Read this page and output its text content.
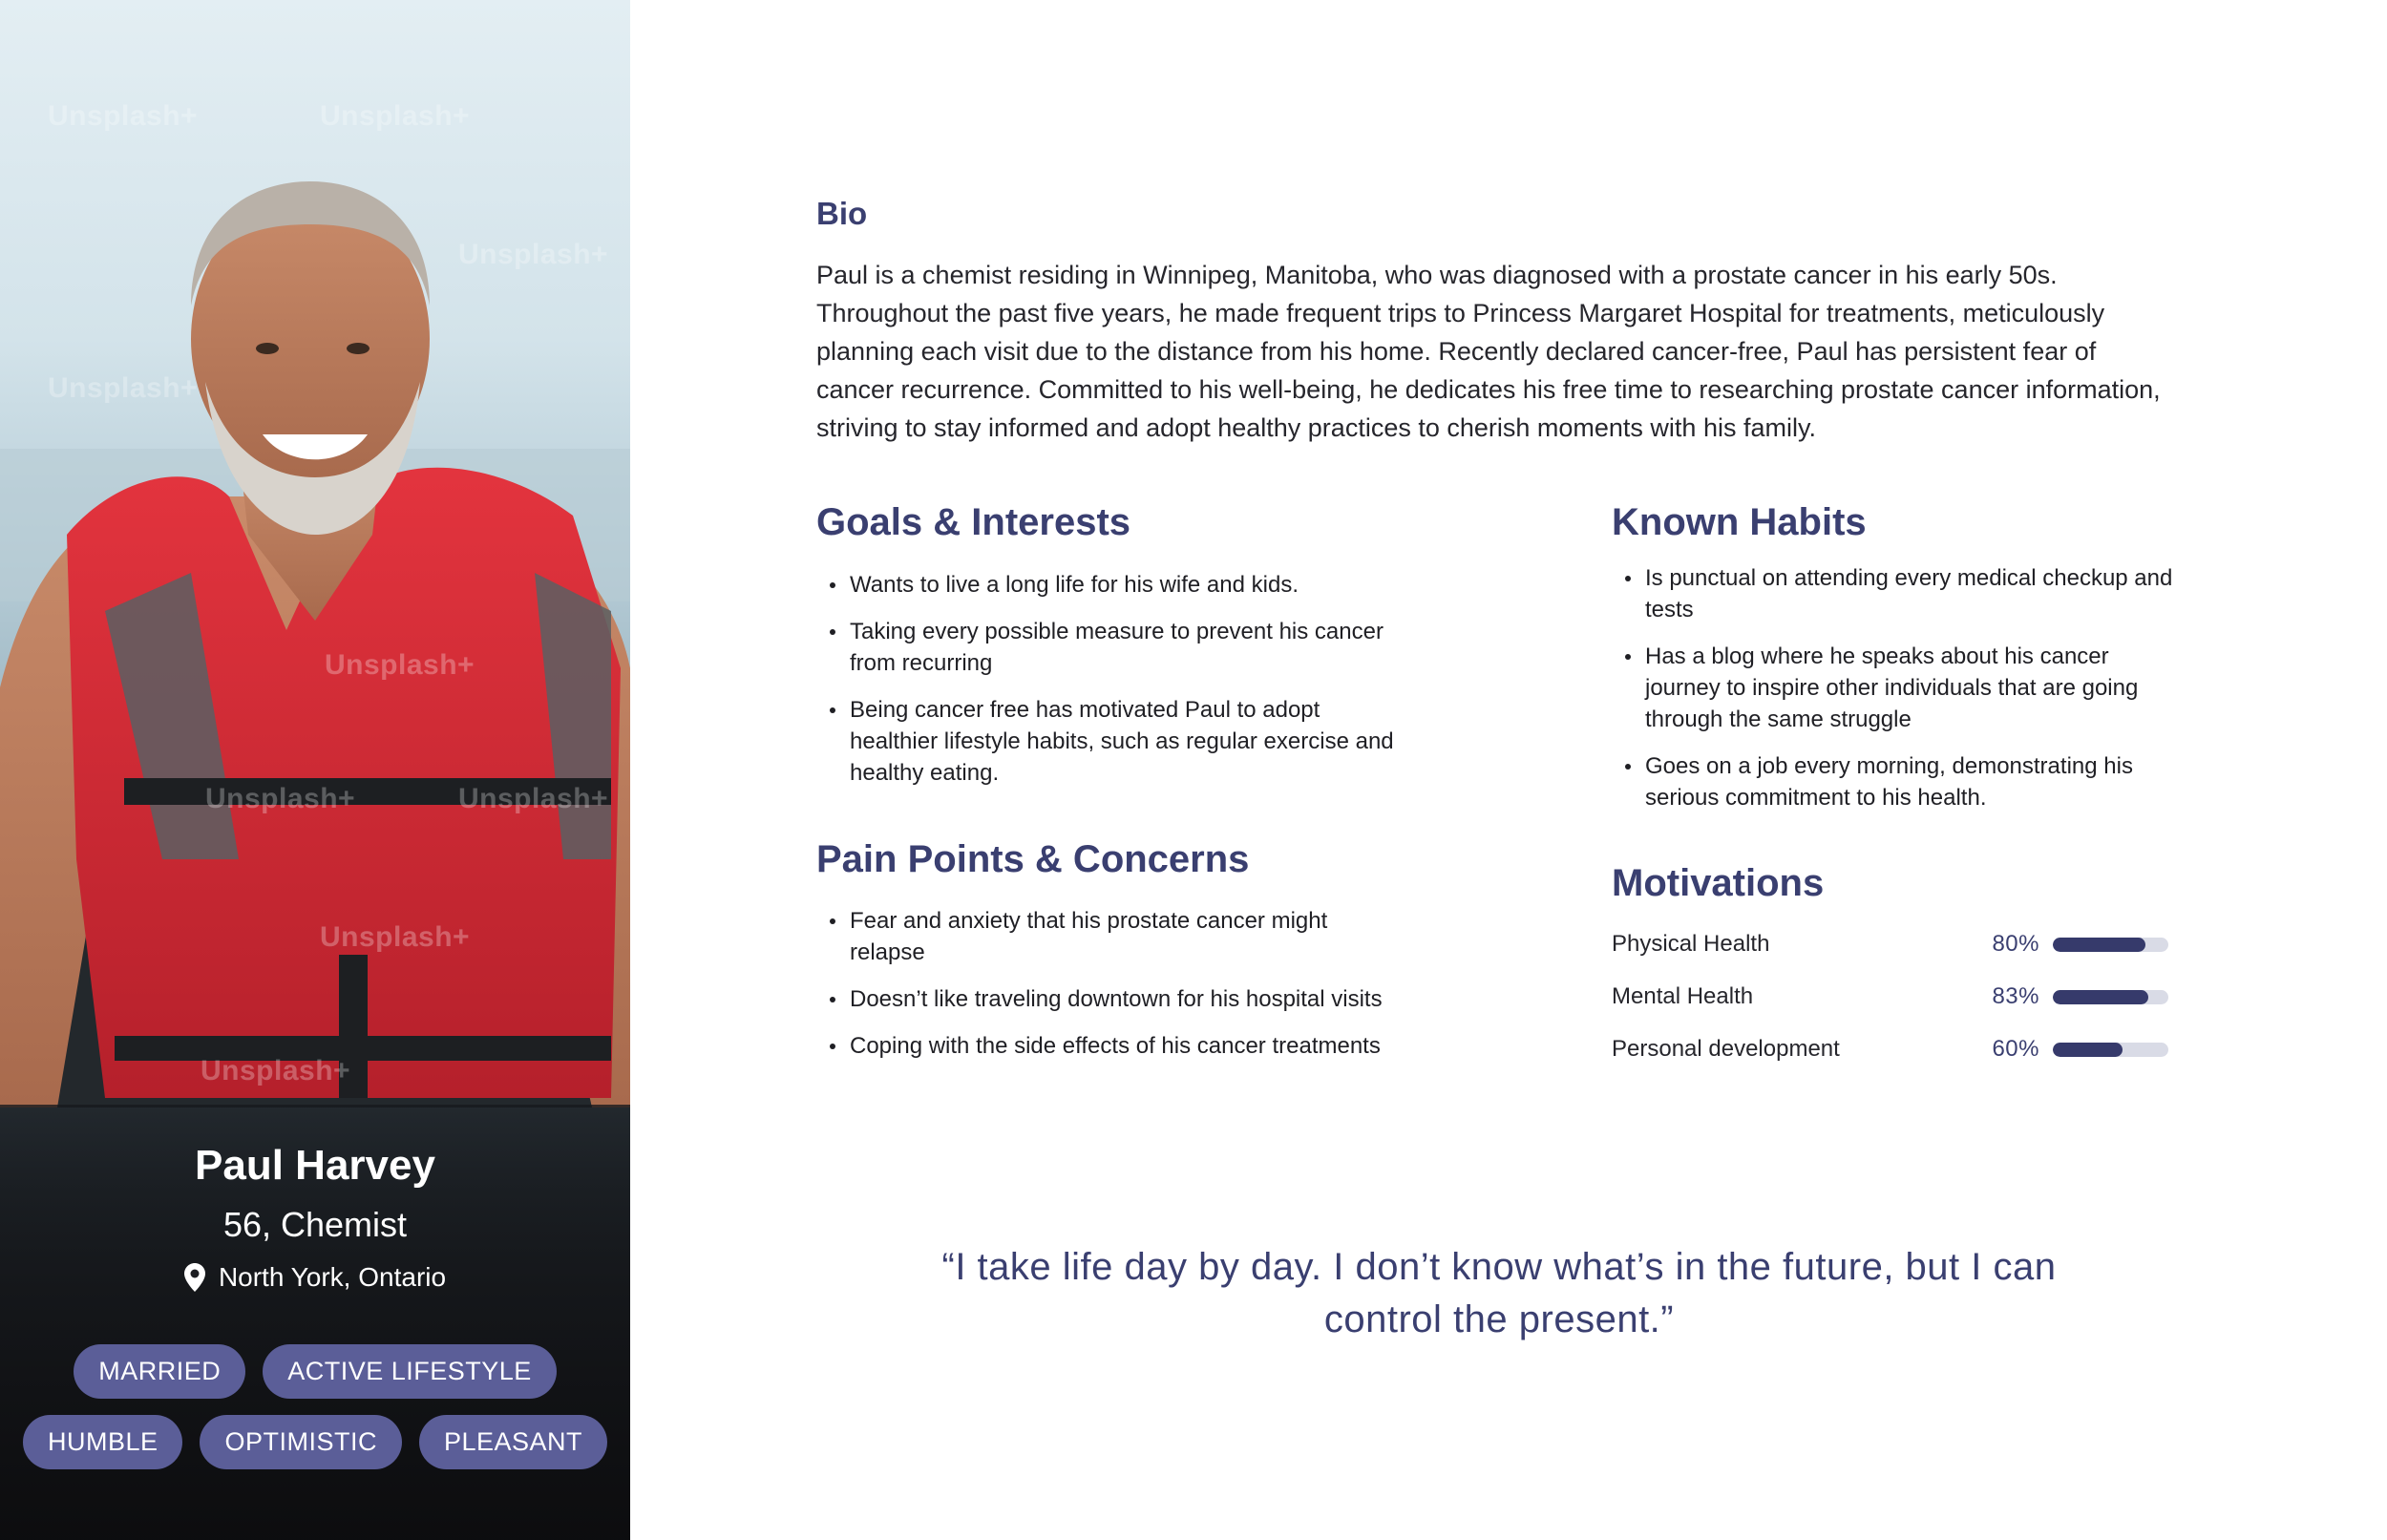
Unsplash+	Unsplash+
Unsplash+
Unsplash+
Unsplash+
Unsplash+	Unsplash+
Unsplash+
Unsplash+
Paul Harvey
56, Chemist
North York, Ontario
MARRIED	ACTIVE LIFESTYLE
HUMBLE	OPTIMISTIC	PLEASANT
Bio

Paul is a chemist residing in Winnipeg, Manitoba, who was diagnosed with a prostate cancer in his early 50s. Throughout the past five years, he made frequent trips to Princess Margaret Hospital for treatments, meticulously planning each visit due to the distance from his home. Recently declared cancer-free, Paul has persistent fear of cancer recurrence. Committed to his well-being, he dedicates his free time to researching prostate cancer information, striving to stay informed and adopt healthy practices to cherish moments with his family.

Goals & Interests
Wants to live a long life for his wife and kids.
Taking every possible measure to prevent his cancer from recurring
Being cancer free has motivated Paul to adopt healthier lifestyle habits, such as regular exercise and healthy eating.
Known Habits
Is punctual on attending every medical checkup and tests
Has a blog where he speaks about his cancer journey to inspire other individuals that are going through the same struggle
Goes on a job every morning, demonstrating his serious commitment to his health.
Pain Points & Concerns
Fear and anxiety that his prostate cancer might relapse
Doesn’t like traveling downtown for his hospital visits
Coping with the side effects of his cancer treatments
Motivations
Physical Health	80%
Mental Health	83%
Personal development	60%

“I take life day by day. I don’t know what’s in the future, but I can control the present.”
